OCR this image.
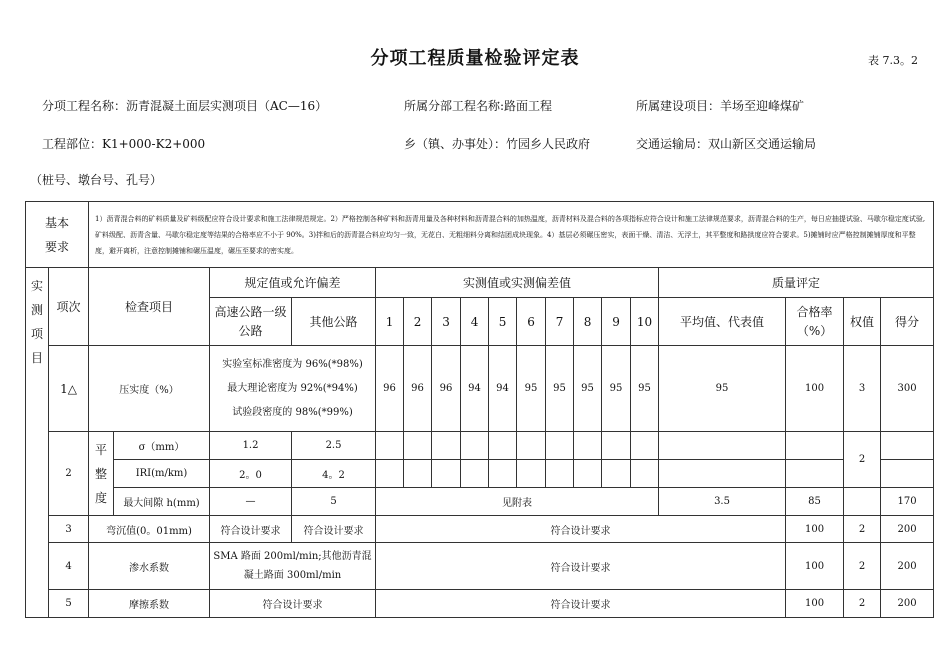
分项工程质量检验评定表	表 7.3。2
分项工程名称：沥青混凝土面层实测项目（AC—16）	所属分部工程名称:路面工程	所属建设项目：羊场至迎峰煤矿
工程部位：K1+000-K2+000	乡（镇、办事处）：竹园乡人民政府	交通运输局：双山新区交通运输局
（桩号、墩台号、孔号）
基本
要求		1）沥青混合料的矿料质量及矿料级配应符合设计要求和施工法律规范规定。2）严格控制各种矿料和沥青用量及各种材料和沥青混合料的加热温度，沥青材料及混合料的各项指标应符合设计和施工法律规范要求，沥青混合料的生产，每日应抽提试验、马歇尔稳定度试验,矿料级配、沥青含量、马歇尔稳定度等结果的合格率应不小于 90%。3)拌和后的沥青混合料应均匀一致，无花白、无粗细料分离和结团成块现象。4）基层必须碾压密实，表面干燥、清洁、无浮土，其平整度和路拱度应符合要求。5)摊铺时应严格控制摊铺厚度和平整度，避开离析，注意控制摊铺和碾压温度，碾压至要求的密实度。																	

实
测
项
目	项次	检查项目		规定值或允许偏差		实测值或实测偏差值										质量评定			
				高速公路一级公路	其他公路	1	2	3	4	5	6	7	8	9	10	平均值、代表值	合格率（%）	权值	得分
	1△	压实度（%）		实验室标准密度为 96%(*98%)
最大理论密度为 92%(*94%)
试验段密度的 98%(*99%)		96	96	96	94	94	95	95	95	95	95	95	100	3	300
	2	平
整
度	σ（mm）	1.2	2.5													2	
			IRI(m/km)	2。0	4。2														
			最大间隙 h(mm)	—	5	见附表										3.5	85		170
	3	弯沉值(0。01mm)		符合设计要求	符合设计要求	符合设计要求											100	2	200
	4	渗水系数		SMA 路面 200ml/min;其他沥青混凝土路面 300ml/min		符合设计要求											100	2	200
	5	摩擦系数		符合设计要求		符合设计要求											100	2	200
